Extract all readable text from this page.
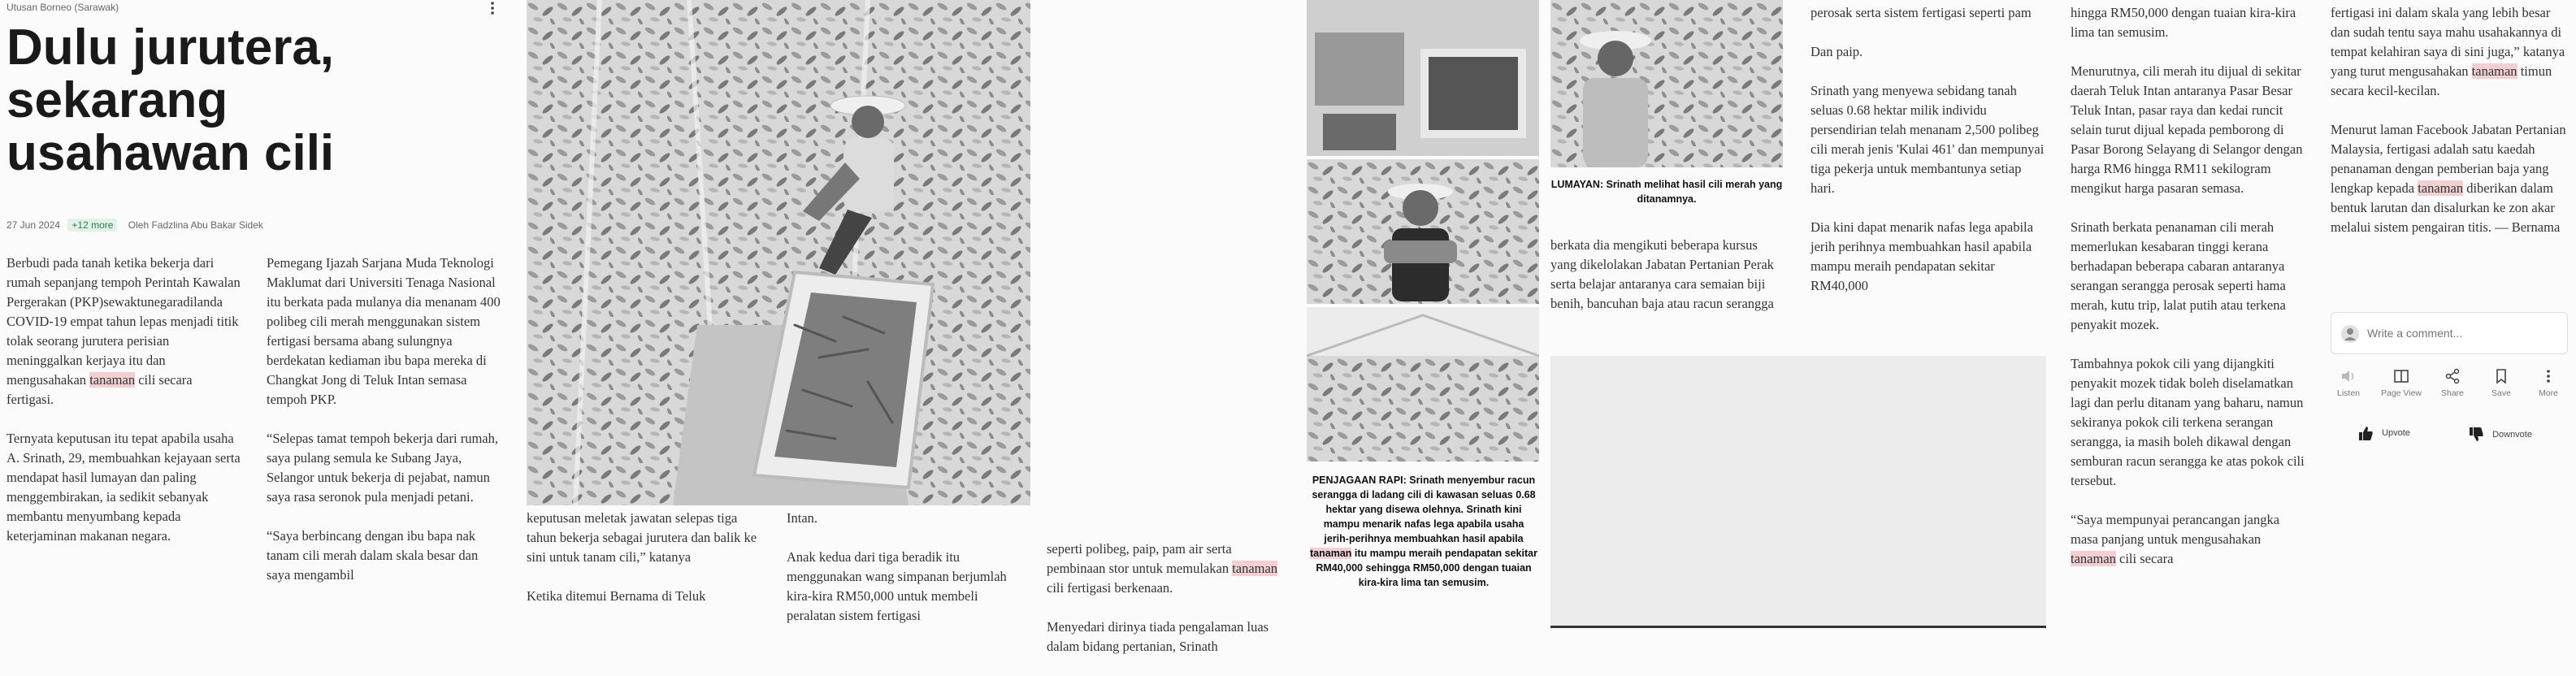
Utusan Borneo (Sarawak)
Dulu jurutera, sekarang usahawan cili
27 Jun 2024 +12 more Oleh Fadzlina Abu Bakar Sidek

Berbudi pada tanah ketika bekerja dari rumah sepanjang tempoh Perintah Kawalan Pergerakan (PKP)sewaktunegaradilanda COVID-19 empat tahun lepas menjadi titik tolak seorang jurutera perisian meninggalkan kerjaya itu dan mengusahakan tanaman cili secara fertigasi.

Ternyata keputusan itu tepat apabila usaha A. Srinath, 29, membuahkan kejayaan serta mendapat hasil lumayan dan paling menggembirakan, ia sedikit sebanyak membantu menyumbang kepada keterjaminan makanan negara.

Pemegang Ijazah Sarjana Muda Teknologi Maklumat dari Universiti Tenaga Nasional itu berkata pada mulanya dia menanam 400 polibeg cili merah menggunakan sistem fertigasi bersama abang sulungnya berdekatan kediaman ibu bapa mereka di Changkat Jong di Teluk Intan semasa tempoh PKP.

“Selepas tamat tempoh bekerja dari rumah, saya pulang semula ke Subang Jaya, Selangor untuk bekerja di pejabat, namun saya rasa seronok pula menjadi petani.

“Saya berbincang dengan ibu bapa nak tanam cili merah dalam skala besar dan saya mengambil

keputusan meletak jawatan selepas tiga tahun bekerja sebagai jurutera dan balik ke sini untuk tanam cili,” katanya

Ketika ditemui Bernama di Teluk

Intan.

Anak kedua dari tiga beradik itu menggunakan wang simpanan berjumlah kira-kira RM50,000 untuk membeli peralatan sistem fertigasi

seperti polibeg, paip, pam air serta pembinaan stor untuk memulakan tanaman cili fertigasi berkenaan.

Menyedari dirinya tiada pengalaman luas dalam bidang pertanian, Srinath

PENJAGAAN RAPI: Srinath menyembur racun serangga di ladang cili di kawasan seluas 0.68 hektar yang disewa olehnya. Srinath kini mampu menarik nafas lega apabila usaha jerih-perihnya membuahkan hasil apabila tanaman itu mampu meraih pendapatan sekitar RM40,000 sehingga RM50,000 dengan tuaian kira-kira lima tan semusim.
LUMAYAN: Srinath melihat hasil cili merah yang ditanamnya.

berkata dia mengikuti beberapa kursus yang dikelolakan Jabatan Pertanian Perak serta belajar antaranya cara semaian biji benih, bancuhan baja atau racun serangga

perosak serta sistem fertigasi seperti pam

Dan paip.

Srinath yang menyewa sebidang tanah seluas 0.68 hektar milik individu persendirian telah menanam 2,500 polibeg cili merah jenis 'Kulai 461' dan mempunyai tiga pekerja untuk membantunya setiap hari.

Dia kini dapat menarik nafas lega apabila jerih perihnya membuahkan hasil apabila mampu meraih pendapatan sekitar RM40,000

hingga RM50,000 dengan tuaian kira-kira lima tan semusim.

Menurutnya, cili merah itu dijual di sekitar daerah Teluk Intan antaranya Pasar Besar Teluk Intan, pasar raya dan kedai runcit selain turut dijual kepada pemborong di Pasar Borong Selayang di Selangor dengan harga RM6 hingga RM11 sekilogram mengikut harga pasaran semasa.

Srinath berkata penanaman cili merah memerlukan kesabaran tinggi kerana berhadapan beberapa cabaran antaranya serangan serangga perosak seperti hama merah, kutu trip, lalat putih atau terkena penyakit mozek.

Tambahnya pokok cili yang dijangkiti penyakit mozek tidak boleh diselamatkan lagi dan perlu ditanam yang baharu, namun sekiranya pokok cili terkena serangan serangga, ia masih boleh dikawal dengan semburan racun serangga ke atas pokok cili tersebut.

“Saya mempunyai perancangan jangka masa panjang untuk mengusahakan tanaman cili secara

fertigasi ini dalam skala yang lebih besar dan sudah tentu saya mahu usahakannya di tempat kelahiran saya di sini juga,” katanya yang turut mengusahakan tanaman timun secara kecil-kecilan.

Menurut laman Facebook Jabatan Pertanian Malaysia, fertigasi adalah satu kaedah penanaman dengan pemberian baja yang lengkap kepada tanaman diberikan dalam bentuk larutan dan disalurkan ke zon akar melalui sistem pengairan titis. — Bernama

Write a comment...
Listen	Page View	Share	Save	More
Upvote	Downvote
